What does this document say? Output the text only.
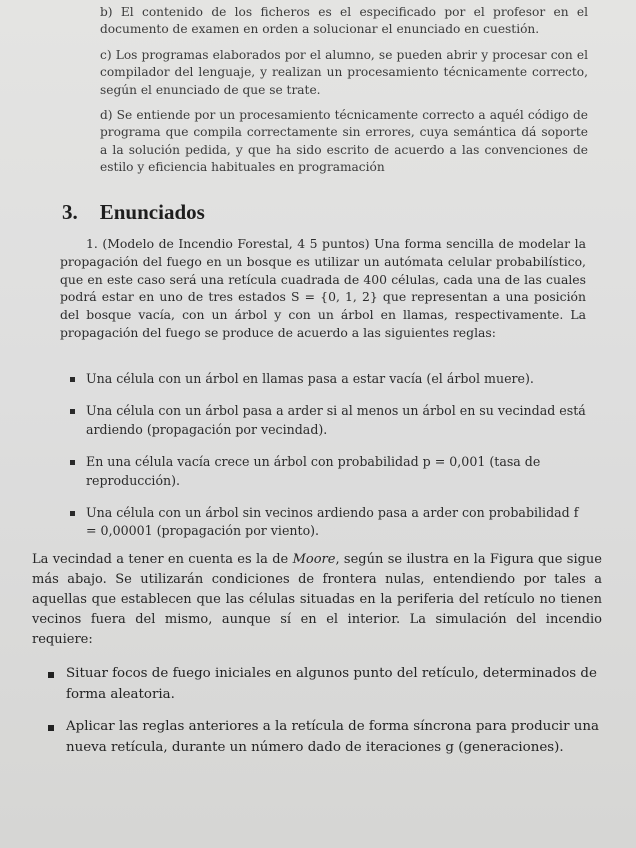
b) El contenido de los ficheros es el especificado por el profesor en el documento de examen en orden a solucionar el enunciado en cuestión.

c) Los programas elaborados por el alumno, se pueden abrir y procesar con el compilador del lenguaje, y realizan un procesamiento técnicamente correcto, según el enunciado de que se trate.

d) Se entiende por un procesamiento técnicamente correcto a aquél código de programa que compila correctamente sin errores, cuya semántica dá soporte a la solución pedida, y que ha sido escrito de acuerdo a las convenciones de estilo y eficiencia habituales en programación

3. Enunciados

1. (Modelo de Incendio Forestal, 4 5 puntos) Una forma sencilla de modelar la propagación del fuego en un bosque es utilizar un autómata celular probabilístico, que en este caso será una retícula cuadrada de 400 células, cada una de las cuales podrá estar en uno de tres estados S = {0, 1, 2} que representan a una posición del bosque vacía, con un árbol y con un árbol en llamas, respectivamente. La propagación del fuego se produce de acuerdo a las siguientes reglas:

Una célula con un árbol en llamas pasa a estar vacía (el árbol muere).
Una célula con un árbol pasa a arder si al menos un árbol en su vecindad está ardiendo (propagación por vecindad).
En una célula vacía crece un árbol con probabilidad p = 0,001 (tasa de reproducción).
Una célula con un árbol sin vecinos ardiendo pasa a arder con probabilidad f = 0,00001 (propagación por viento).

La vecindad a tener en cuenta es la de Moore, según se ilustra en la Figura que sigue más abajo. Se utilizarán condiciones de frontera nulas, entendiendo por tales a aquellas que establecen que las células situadas en la periferia del retículo no tienen vecinos fuera del mismo, aunque sí en el interior. La simulación del incendio requiere:

Situar focos de fuego iniciales en algunos punto del retículo, determinados de forma aleatoria.
Aplicar las reglas anteriores a la retícula de forma síncrona para producir una nueva retícula, durante un número dado de iteraciones g (generaciones).
